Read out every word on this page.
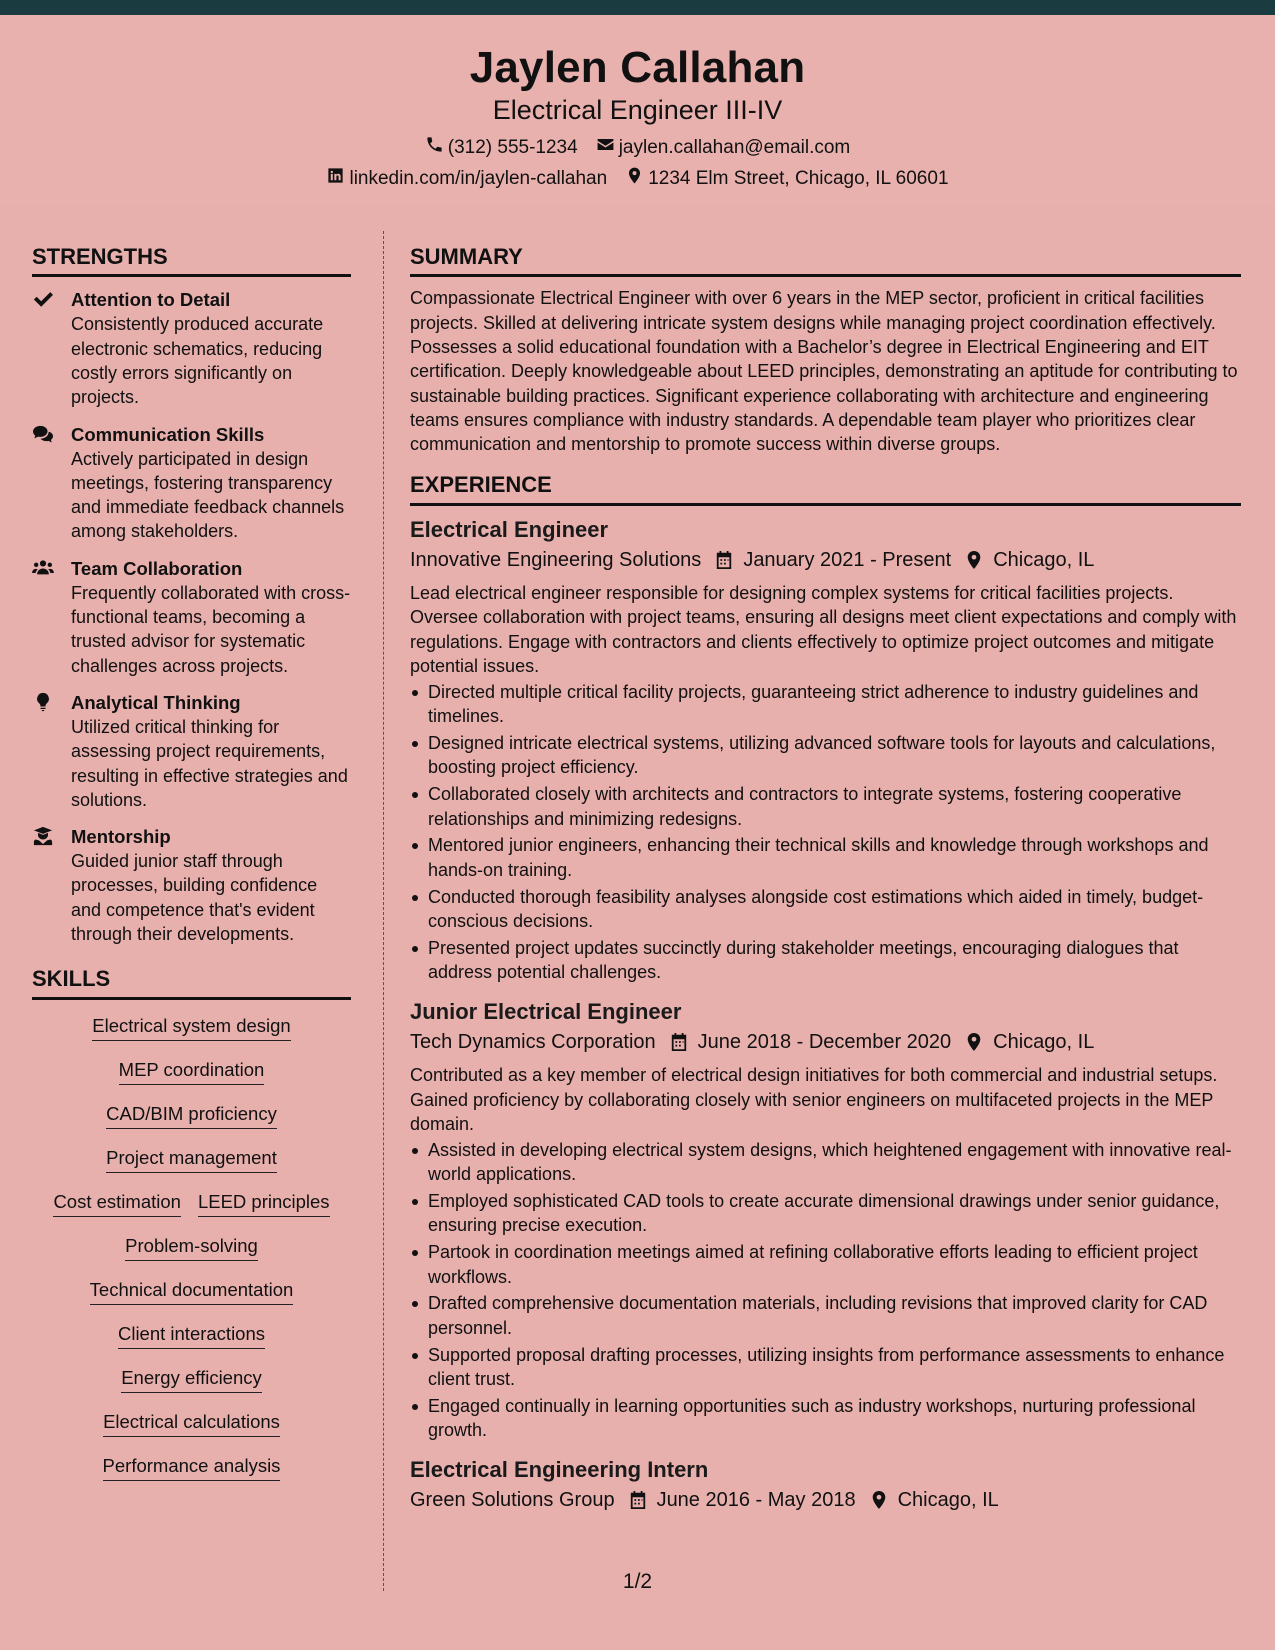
Jaylen Callahan
Electrical Engineer III-IV
(312) 555-1234 jaylen.callahan@email.com
linkedin.com/in/jaylen-callahan 1234 Elm Street, Chicago, IL 60601
STRENGTHS
Attention to Detail
Consistently produced accurate electronic schematics, reducing costly errors significantly on projects.
Communication Skills
Actively participated in design meetings, fostering transparency and immediate feedback channels among stakeholders.
Team Collaboration
Frequently collaborated with cross-functional teams, becoming a trusted advisor for systematic challenges across projects.
Analytical Thinking
Utilized critical thinking for assessing project requirements, resulting in effective strategies and solutions.
Mentorship
Guided junior staff through processes, building confidence and competence that's evident through their developments.
SKILLS
Electrical system design
MEP coordination
CAD/BIM proficiency
Project management
Cost estimation LEED principles
Problem-solving
Technical documentation
Client interactions
Energy efficiency
Electrical calculations
Performance analysis
SUMMARY
Compassionate Electrical Engineer with over 6 years in the MEP sector, proficient in critical facilities projects. Skilled at delivering intricate system designs while managing project coordination effectively. Possesses a solid educational foundation with a Bachelor’s degree in Electrical Engineering and EIT certification. Deeply knowledgeable about LEED principles, demonstrating an aptitude for contributing to sustainable building practices. Significant experience collaborating with architecture and engineering teams ensures compliance with industry standards. A dependable team player who prioritizes clear communication and mentorship to promote success within diverse groups.
EXPERIENCE
Electrical Engineer
Innovative Engineering Solutions January 2021 - Present Chicago, IL
Lead electrical engineer responsible for designing complex systems for critical facilities projects. Oversee collaboration with project teams, ensuring all designs meet client expectations and comply with regulations. Engage with contractors and clients effectively to optimize project outcomes and mitigate potential issues.
Directed multiple critical facility projects, guaranteeing strict adherence to industry guidelines and timelines.
Designed intricate electrical systems, utilizing advanced software tools for layouts and calculations, boosting project efficiency.
Collaborated closely with architects and contractors to integrate systems, fostering cooperative relationships and minimizing redesigns.
Mentored junior engineers, enhancing their technical skills and knowledge through workshops and hands-on training.
Conducted thorough feasibility analyses alongside cost estimations which aided in timely, budget-conscious decisions.
Presented project updates succinctly during stakeholder meetings, encouraging dialogues that address potential challenges.
Junior Electrical Engineer
Tech Dynamics Corporation June 2018 - December 2020 Chicago, IL
Contributed as a key member of electrical design initiatives for both commercial and industrial setups. Gained proficiency by collaborating closely with senior engineers on multifaceted projects in the MEP domain.
Assisted in developing electrical system designs, which heightened engagement with innovative real-world applications.
Employed sophisticated CAD tools to create accurate dimensional drawings under senior guidance, ensuring precise execution.
Partook in coordination meetings aimed at refining collaborative efforts leading to efficient project workflows.
Drafted comprehensive documentation materials, including revisions that improved clarity for CAD personnel.
Supported proposal drafting processes, utilizing insights from performance assessments to enhance client trust.
Engaged continually in learning opportunities such as industry workshops, nurturing professional growth.
Electrical Engineering Intern
Green Solutions Group June 2016 - May 2018 Chicago, IL
1/2
